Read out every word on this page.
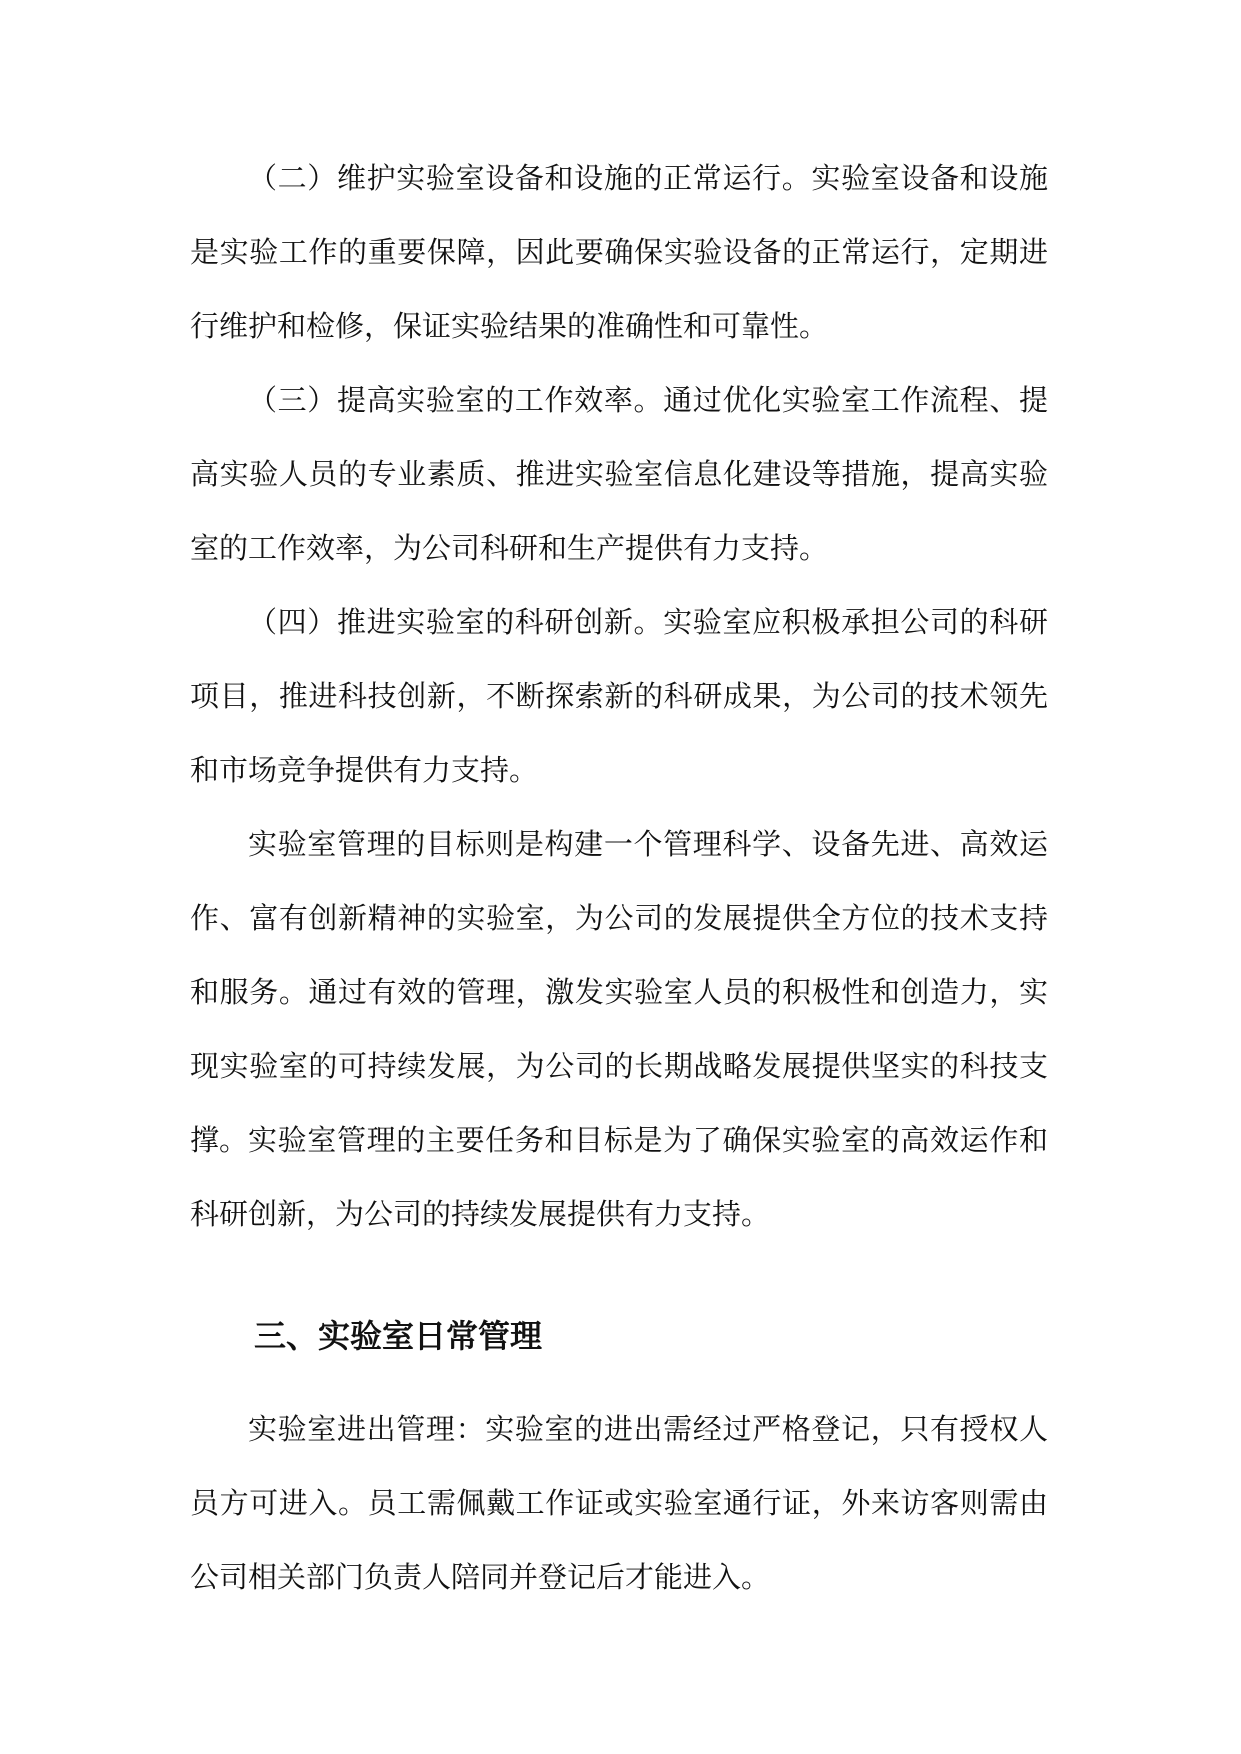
（二）维护实验室设备和设施的正常运行。实验室设备和设施是实验工作的重要保障，因此要确保实验设备的正常运行，定期进行维护和检修，保证实验结果的准确性和可靠性。

（三）提高实验室的工作效率。通过优化实验室工作流程、提高实验人员的专业素质、推进实验室信息化建设等措施，提高实验室的工作效率，为公司科研和生产提供有力支持。

（四）推进实验室的科研创新。实验室应积极承担公司的科研项目，推进科技创新，不断探索新的科研成果，为公司的技术领先和市场竞争提供有力支持。

实验室管理的目标则是构建一个管理科学、设备先进、高效运作、富有创新精神的实验室，为公司的发展提供全方位的技术支持和服务。通过有效的管理，激发实验室人员的积极性和创造力，实现实验室的可持续发展，为公司的长期战略发展提供坚实的科技支撑。 实验室管理的主要任务和目标是为了确保实验室的高效运作和科研创新，为公司的持续发展提供有力支持。

三、实验室日常管理

实验室进出管理：实验室的进出需经过严格登记，只有授权人员方可进入。员工需佩戴工作证或实验室通行证，外来访客则需由公司相关部门负责人陪同并登记后才能进入。
